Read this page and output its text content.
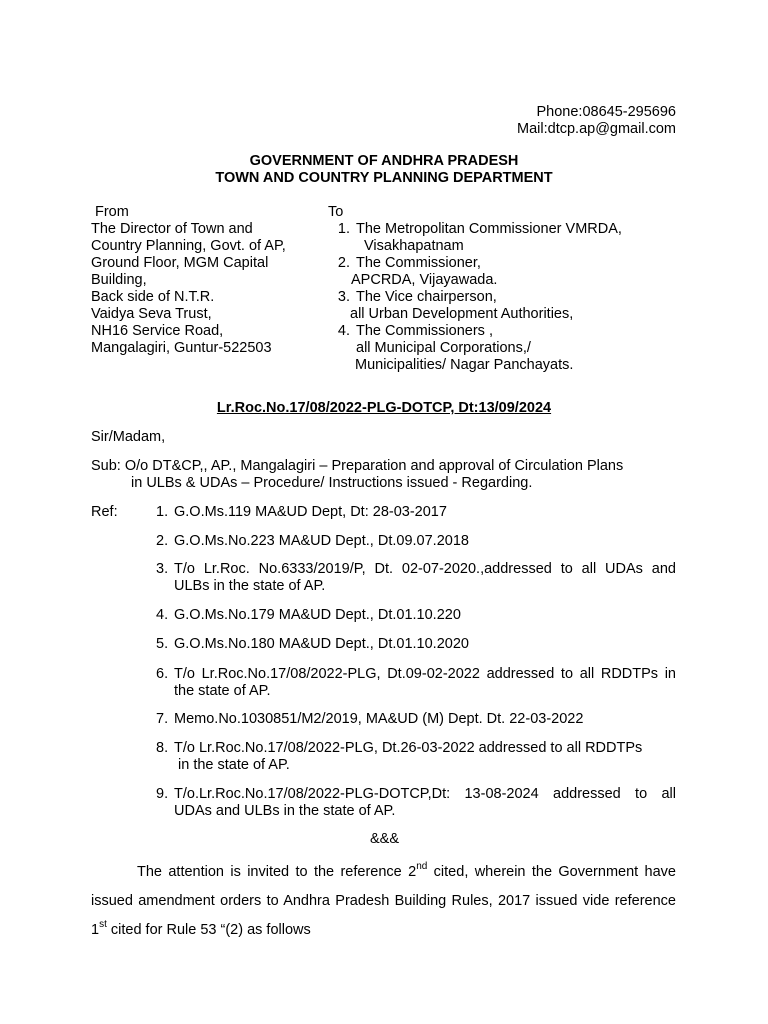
Phone:08645-295696
Mail:dtcp.ap@gmail.com
GOVERNMENT OF ANDHRA PRADESH
TOWN AND COUNTRY PLANNING DEPARTMENT
From
The Director of Town and
Country Planning, Govt. of AP,
Ground Floor, MGM Capital
Building,
Back side of N.T.R.
Vaidya Seva Trust,
NH16 Service Road,
Mangalagiri, Guntur-522503
To
1. The Metropolitan Commissioner VMRDA,
Visakhapatnam
2. The Commissioner,
APCRDA, Vijayawada.
3. The Vice chairperson,
all Urban Development Authorities,
4. The Commissioners ,
all Municipal Corporations,/
Municipalities/ Nagar Panchayats.
Lr.Roc.No.17/08/2022-PLG-DOTCP, Dt:13/09/2024
Sir/Madam,
Sub: O/o DT&CP,, AP., Mangalagiri – Preparation and approval of Circulation Plans
in ULBs & UDAs – Procedure/ Instructions issued - Regarding.
Ref:	1. G.O.Ms.119 MA&UD Dept, Dt: 28-03-2017
2. G.O.Ms.No.223 MA&UD Dept., Dt.09.07.2018
3. T/o Lr.Roc. No.6333/2019/P, Dt. 02-07-2020.,addressed to all UDAs and ULBs in the state of AP.
4. G.O.Ms.No.179 MA&UD Dept., Dt.01.10.220
5. G.O.Ms.No.180 MA&UD Dept., Dt.01.10.2020
6. T/o Lr.Roc.No.17/08/2022-PLG, Dt.09-02-2022 addressed to all RDDTPs in the state of AP.
7. Memo.No.1030851/M2/2019, MA&UD (M) Dept. Dt. 22-03-2022
8. T/o Lr.Roc.No.17/08/2022-PLG, Dt.26-03-2022 addressed to all RDDTPs
in the state of AP.
9. T/o.Lr.Roc.No.17/08/2022-PLG-DOTCP,Dt: 13-08-2024 addressed to all UDAs and ULBs in the state of AP.
&&&
The attention is invited to the reference 2nd cited, wherein the Government have issued amendment orders to Andhra Pradesh Building Rules, 2017 issued vide reference 1st cited for Rule 53 “(2) as follows
